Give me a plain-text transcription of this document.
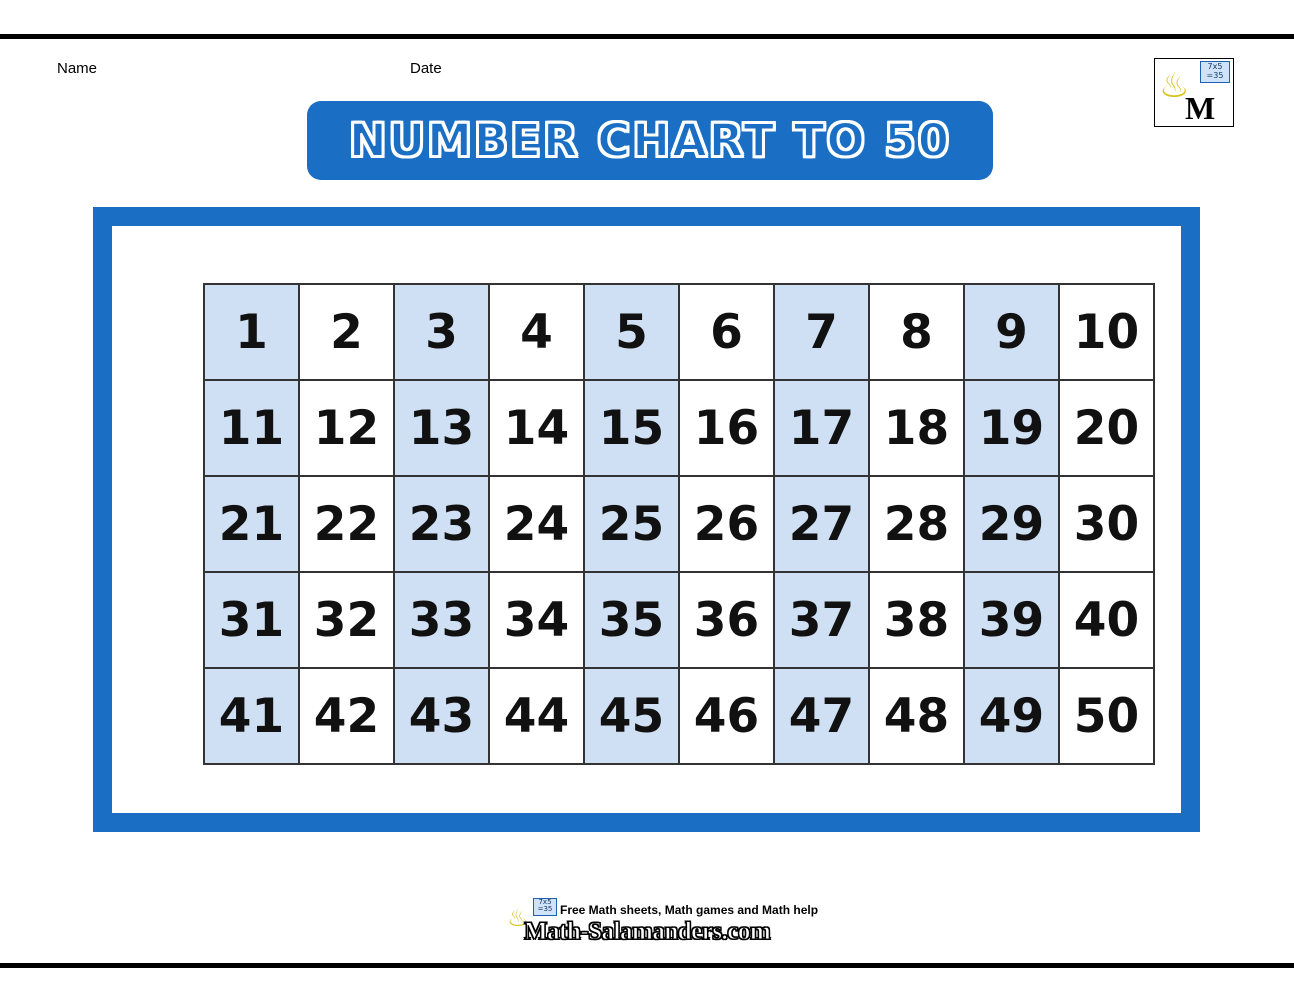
Name	Date	7x5
=35
♨
M
NUMBER CHART TO 50
1	2	3	4	5	6	7	8	9	10
11	12	13	14	15	16	17	18	19	20
21	22	23	24	25	26	27	28	29	30
31	32	33	34	35	36	37	38	39	40
41	42	43	44	45	46	47	48	49	50
7x5
=35
♨	Free Math sheets, Math games and Math help
Math-Salamanders.com
